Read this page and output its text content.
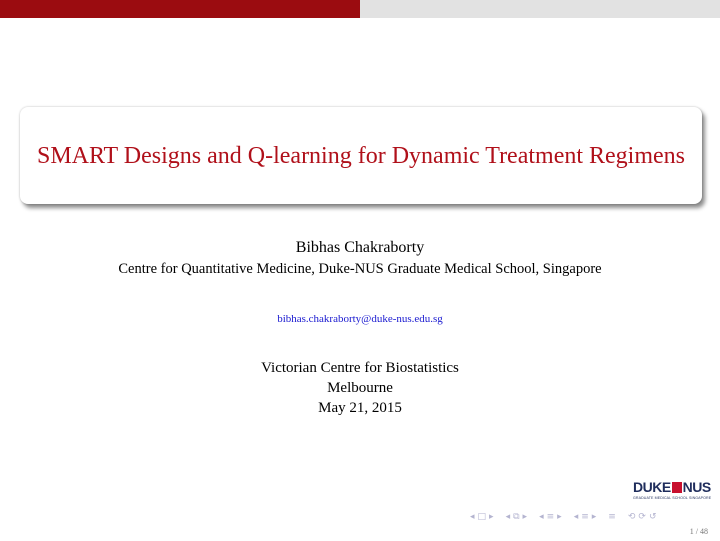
SMART Designs and Q-learning for Dynamic Treatment Regimens
Bibhas Chakraborty
Centre for Quantitative Medicine, Duke-NUS Graduate Medical School, Singapore
bibhas.chakraborty@duke-nus.edu.sg
Victorian Centre for Biostatistics
Melbourne
May 21, 2015
DUKE NUS
GRADUATE MEDICAL SCHOOL SINGAPORE
◂ □ ▸ ◂ ⧉ ▸ ◂ ≡ ▸ ◂ ≡ ▸ ≡ ⟲ ⟳ ↺
1 / 48
